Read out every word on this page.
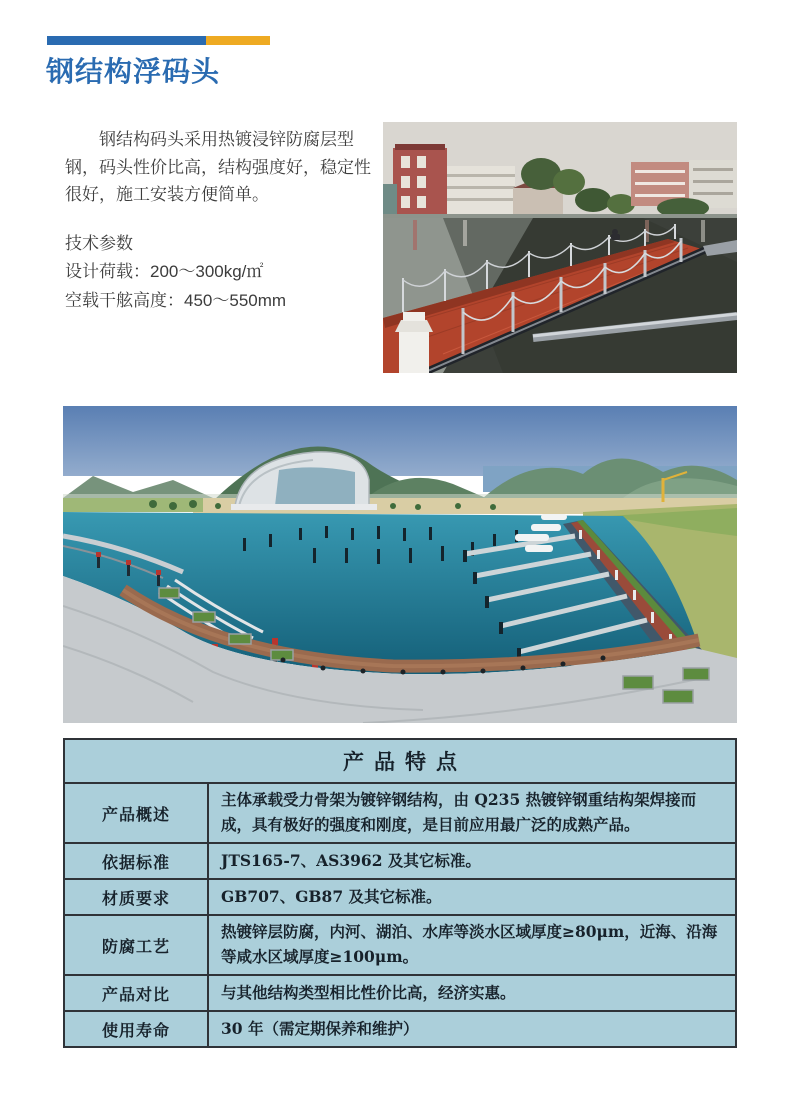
钢结构浮码头

钢结构码头采用热镀浸锌防腐层型钢，码头性价比高，结构强度好，稳定性很好，施工安装方便简单。

技术参数
设计荷载：200～300kg/㎡
空载干舷高度：450～550mm
产品特点	
产品概述	主体承载受力骨架为镀锌钢结构，由 Q235 热镀锌钢重结构架焊接而成，具有极好的强度和刚度，是目前应用最广泛的成熟产品。
依据标准	JTS165-7、AS3962 及其它标准。
材质要求	GB707、GB87 及其它标准。
防腐工艺	热镀锌层防腐，内河、湖泊、水库等淡水区域厚度≥80μm，近海、沿海等咸水区域厚度≥100μm。
产品对比	与其他结构类型相比性价比高，经济实惠。
使用寿命	30 年（需定期保养和维护）
